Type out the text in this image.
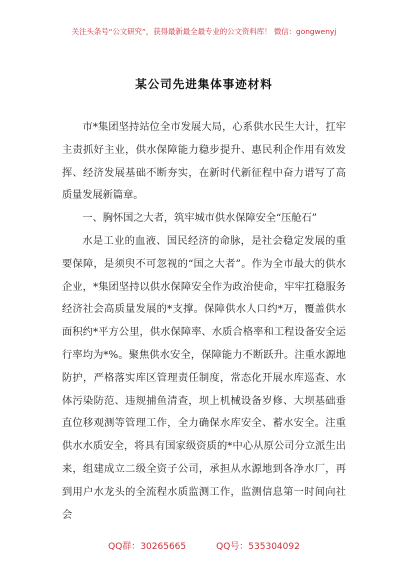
关注头条号“公文研究”，获得最新最全最专业的公文资料库！ 微信：gongwenyj
某公司先进集体事迹材料

市*集团坚持站位全市发展大局，心系供水民生大计，扛牢主责抓好主业，供水保障能力稳步提升、惠民利企作用有效发挥、经济发展基础不断夯实，在新时代新征程中奋力谱写了高质量发展新篇章。

一、胸怀国之大者，筑牢城市供水保障安全“压舱石”

水是工业的血液、国民经济的命脉，是社会稳定发展的重要保障，是须臾不可忽视的“国之大者”。作为全市最大的供水企业，*集团坚持以供水保障安全作为政治使命，牢牢扛稳服务经济社会高质量发展的*支撑。保障供水人口约*万，覆盖供水面积约*平方公里，供水保障率、水质合格率和工程设备安全运行率均为*%。聚焦供水安全，保障能力不断跃升。注重水源地防护，严格落实库区管理责任制度，常态化开展水库巡查、水体污染防范、违规捕鱼清查，坝上机械设备岁修、大坝基础垂直位移观测等管理工作，全力确保水库安全、蓄水安全。注重供水水质安全，将具有国家级资质的*中心从原公司分立派生出来，组建成立二级全资子公司，承担从水源地到各净水厂，再到用户水龙头的全流程水质监测工作，监测信息第一时间向社会

QQ群：30265665	QQ号：535304092
